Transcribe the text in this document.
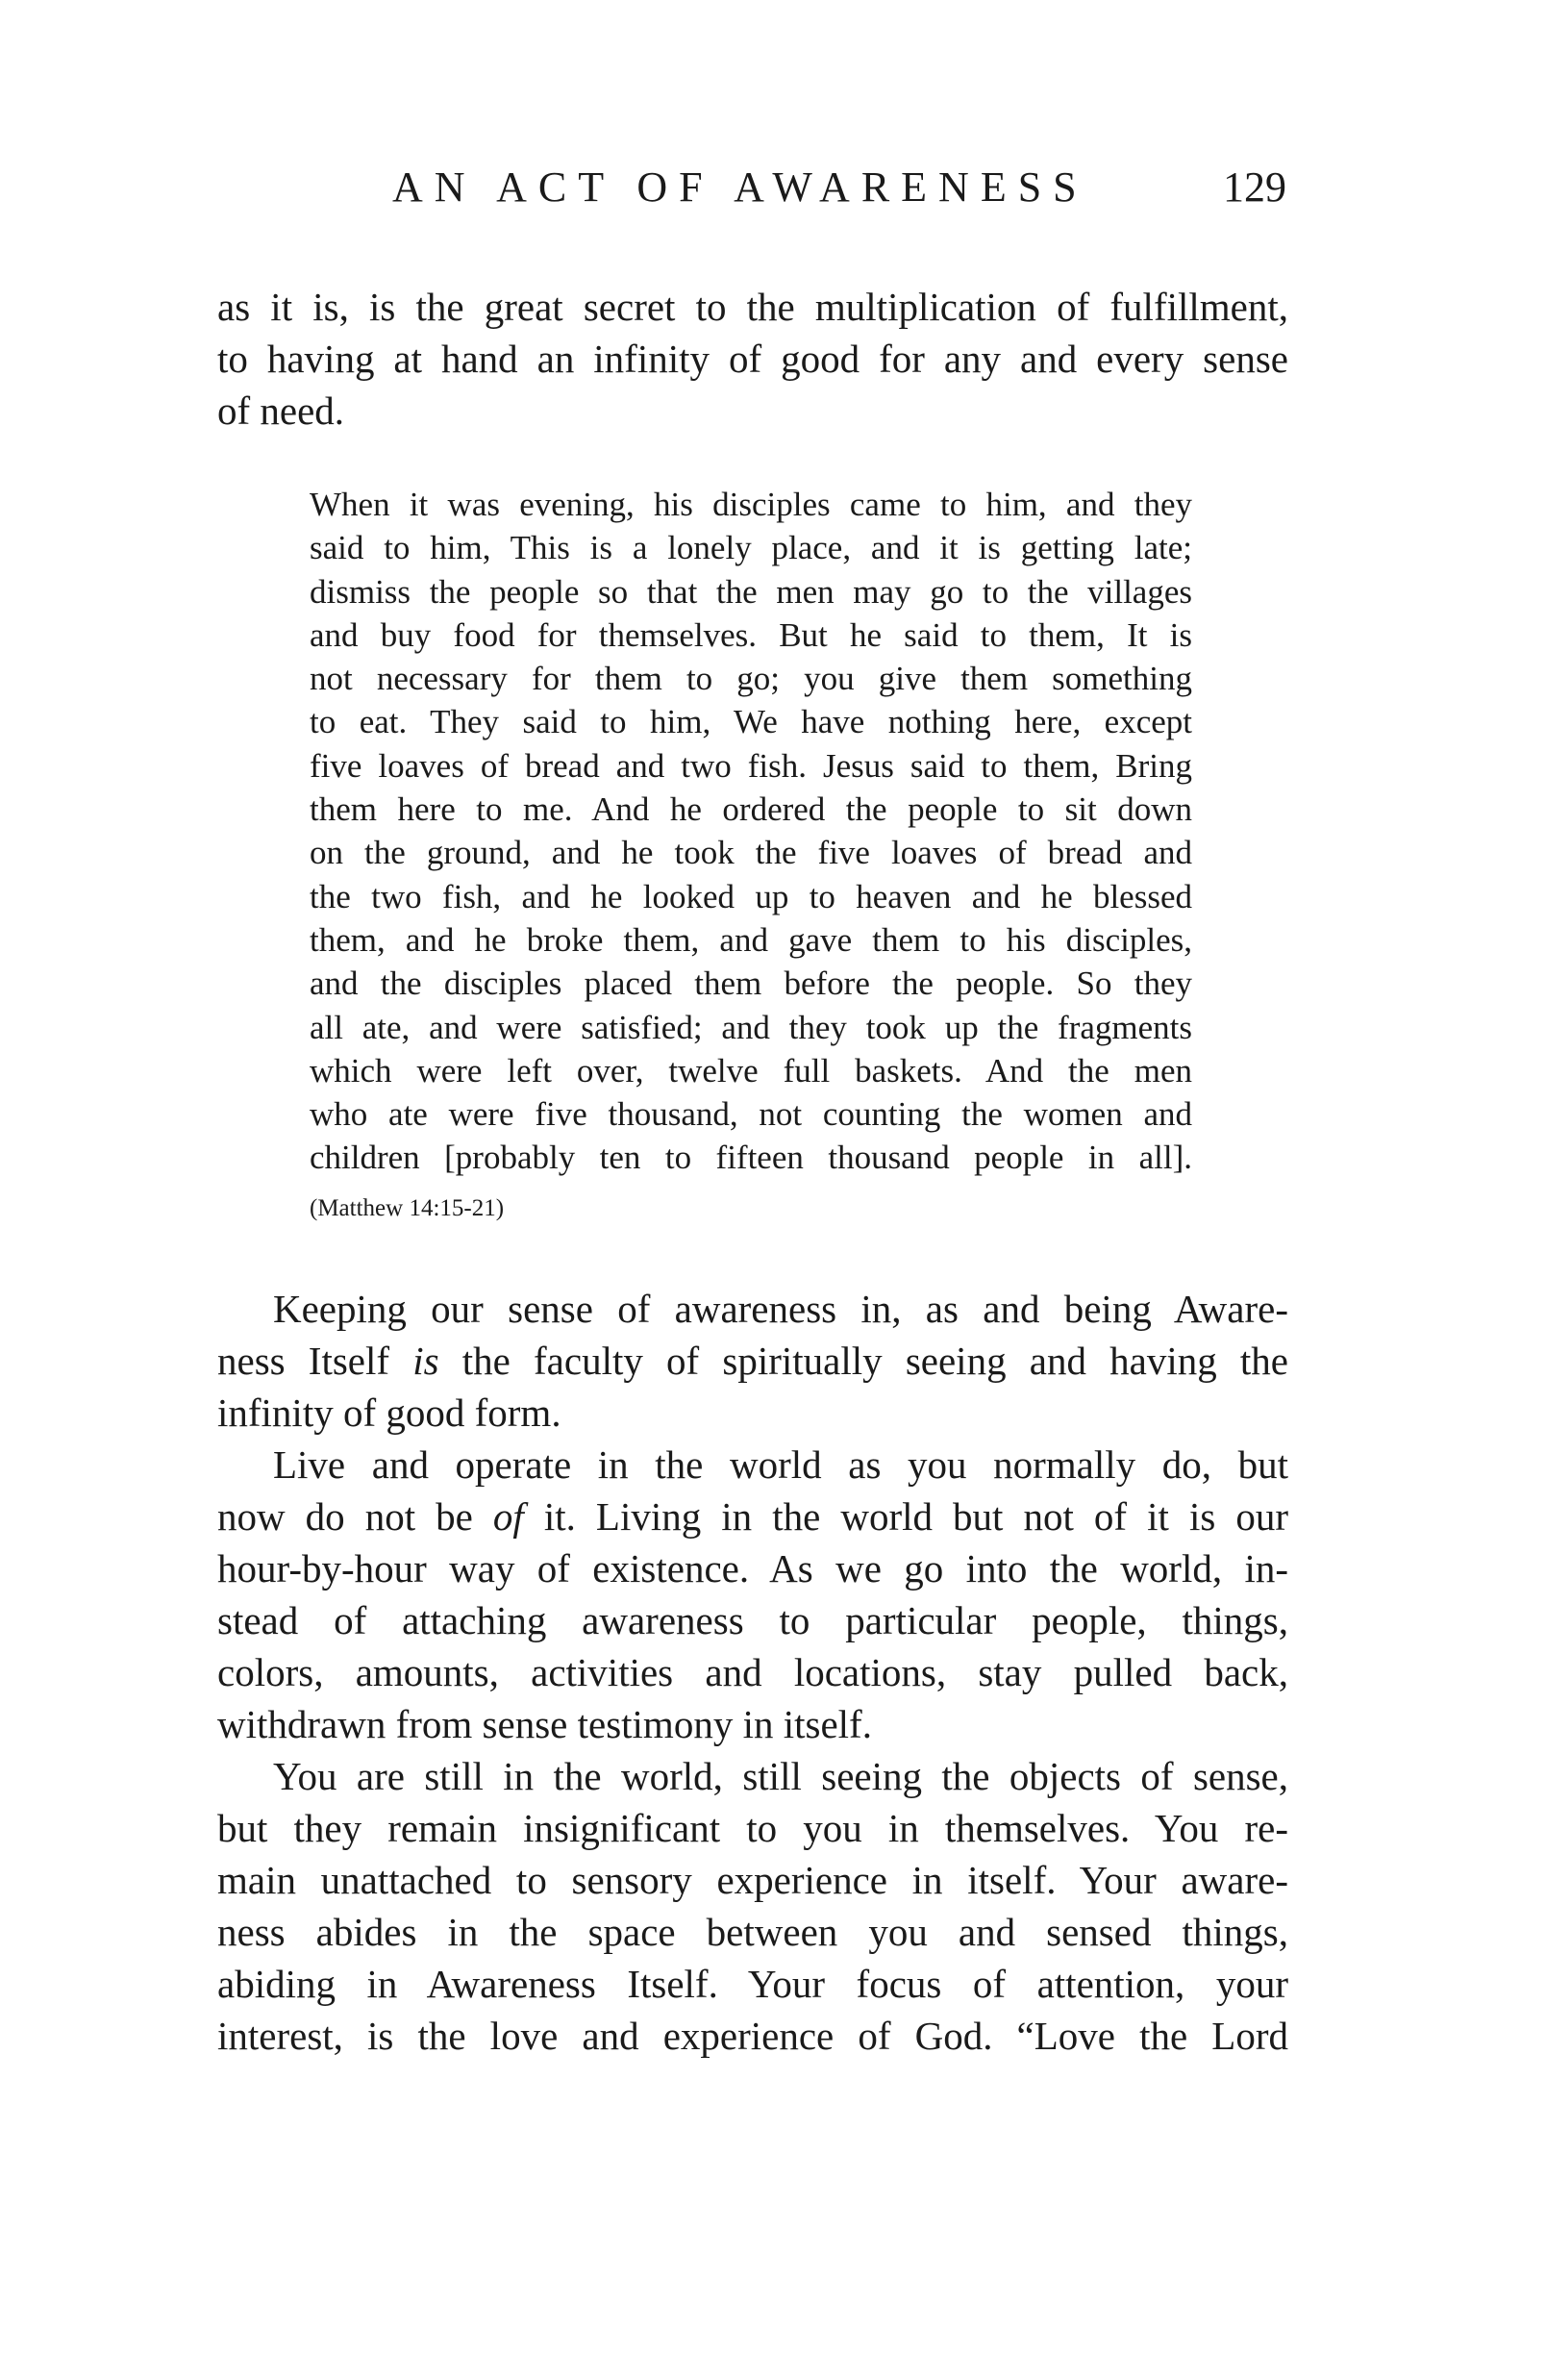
AN ACT OF AWARENESS	129
as it is, is the great secret to the multiplication of fulfillment,
to having at hand an infinity of good for any and every sense
of need.
When it was evening, his disciples came to him, and they
said to him, This is a lonely place, and it is getting late;
dismiss the people so that the men may go to the villages
and buy food for themselves. But he said to them, It is
not necessary for them to go; you give them something
to eat. They said to him, We have nothing here, except
five loaves of bread and two fish. Jesus said to them, Bring
them here to me. And he ordered the people to sit down
on the ground, and he took the five loaves of bread and
the two fish, and he looked up to heaven and he blessed
them, and he broke them, and gave them to his disciples,
and the disciples placed them before the people. So they
all ate, and were satisfied; and they took up the fragments
which were left over, twelve full baskets. And the men
who ate were five thousand, not counting the women and
children [probably ten to fifteen thousand people in all].
(Matthew 14:15-21)
Keeping our sense of awareness in, as and being Aware-
ness Itself is the faculty of spiritually seeing and having the
infinity of good form.
Live and operate in the world as you normally do, but
now do not be of it. Living in the world but not of it is our
hour-by-hour way of existence. As we go into the world, in-
stead of attaching awareness to particular people, things,
colors, amounts, activities and locations, stay pulled back,
withdrawn from sense testimony in itself.
You are still in the world, still seeing the objects of sense,
but they remain insignificant to you in themselves. You re-
main unattached to sensory experience in itself. Your aware-
ness abides in the space between you and sensed things,
abiding in Awareness Itself. Your focus of attention, your
interest, is the love and experience of God. “Love the Lord
